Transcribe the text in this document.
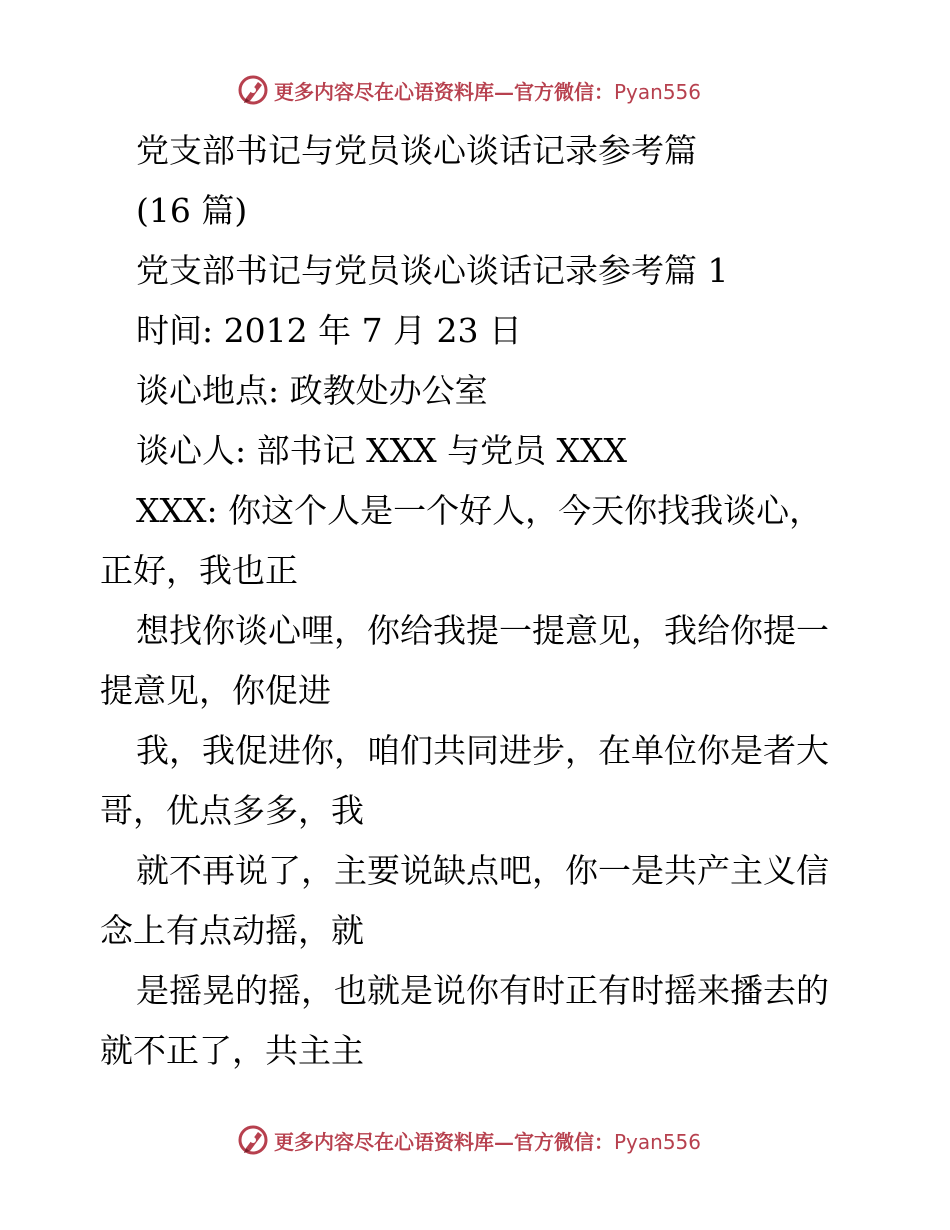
更多内容尽在心语资料库—官方微信：Pyan556
党支部书记与党员谈心谈话记录参考篇
(16 篇)
党支部书记与党员谈心谈话记录参考篇 1
时间: 2012 年 7 月 23 日
谈心地点: 政教处办公室
谈心人: 部书记 XXX 与党员 XXX
XXX: 你这个人是一个好人，今天你找我谈心，
正好，我也正
想找你谈心哩，你给我提一提意见，我给你提一
提意见，你促进
我，我促进你，咱们共同进步，在单位你是者大
哥，优点多多，我
就不再说了，主要说缺点吧，你一是共产主义信
念上有点动摇，就
是摇晃的摇，也就是说你有时正有时摇来播去的
就不正了，共主主
更多内容尽在心语资料库—官方微信：Pyan556
